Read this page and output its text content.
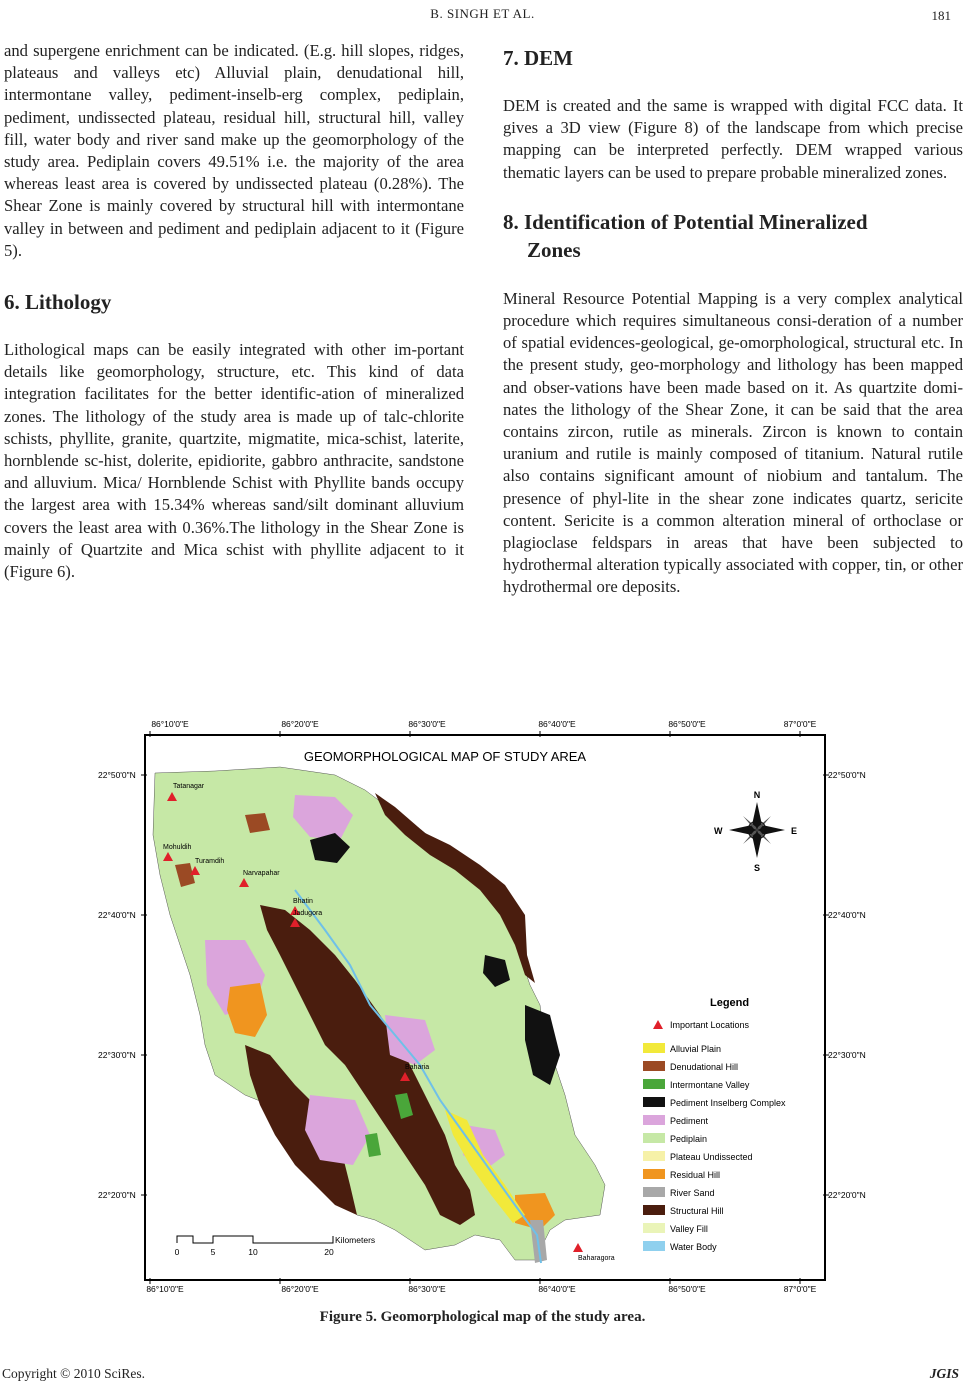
B. SINGH ET AL.	181

and supergene enrichment can be indicated. (E.g. hill slopes, ridges, plateaus and valleys etc) Alluvial plain, denudational hill, intermontane valley, pediment-inselb-erg complex, pediplain, pediment, undissected plateau, residual hill, structural hill, valley fill, water body and river sand make up the geomorphology of the study area. Pediplain covers 49.51% i.e. the majority of the area whereas least area is covered by undissected plateau (0.28%). The Shear Zone is mainly covered by structural hill with intermontane valley in between and pediment and pediplain adjacent to it (Figure 5).

6. Lithology

Lithological maps can be easily integrated with other im-portant details like geomorphology, structure, etc. This kind of data integration facilitates for the better identific-ation of mineralized zones. The lithology of the study area is made up of talc-chlorite schists, phyllite, granite, quartzite, migmatite, mica-schist, laterite, hornblende sc-hist, dolerite, epidiorite, gabbro anthracite, sandstone and alluvium. Mica/ Hornblende Schist with Phyllite bands occupy the largest area with 15.34% whereas sand/silt dominant alluvium covers the least area with 0.36%.The lithology in the Shear Zone is mainly of Quartzite and Mica schist with phyllite adjacent to it (Figure 6).

7. DEM

DEM is created and the same is wrapped with digital FCC data. It gives a 3D view (Figure 8) of the landscape from which precise mapping can be interpreted perfectly. DEM wrapped various thematic layers can be used to prepare probable mineralized zones.

8. Identification of Potential Mineralized
Zones

Mineral Resource Potential Mapping is a very complex analytical procedure which requires simultaneous consi-deration of a number of spatial evidences-geological, ge-omorphological, structural etc. In the present study, geo-morphology and lithology has been mapped and obser-vations have been made based on it. As quartzite domi-nates the lithology of the Shear Zone, it can be said that the area contains zircon, rutile as minerals. Zircon is known to contain uranium and rutile is mainly composed of titanium. Natural rutile also contains significant amount of niobium and tantalum. The presence of phyl-lite in the shear zone indicates quartz, sericite content. Sericite is a common alteration mineral of orthoclase or plagioclase feldspars in areas that have been subjected to hydrothermal alteration typically associated with copper, tin, or other hydrothermal ore deposits.

86°10'0"E	86°20'0"E	86°30'0"E	86°40'0"E	86°50'0"E	87°0'0"E
86°10'0"E	86°20'0"E	86°30'0"E	86°40'0"E	86°50'0"E	87°0'0"E
22°50'0"N
22°40'0"N
22°30'0"N
22°20'0"N
22°50'0"N
22°40'0"N
22°30'0"N
22°20'0"N
GEOMORPHOLOGICAL MAP OF STUDY AREA
Tatanagar
Mohuldih
Turamdih
Narvapahar
Bhatin
Jadugora
Baharia
Baharagora
N
S
E
W
0	5	10	20
Kilometers
Legend
Important Locations
Alluvial Plain
Denudational Hill
Intermontane Valley
Pediment Inselberg Complex
Pediment
Pediplain
Plateau Undissected
Residual Hill
River Sand
Structural Hill
Valley Fill
Water Body
Figure 5. Geomorphological map of the study area.
Copyright © 2010 SciRes.	JGIS
